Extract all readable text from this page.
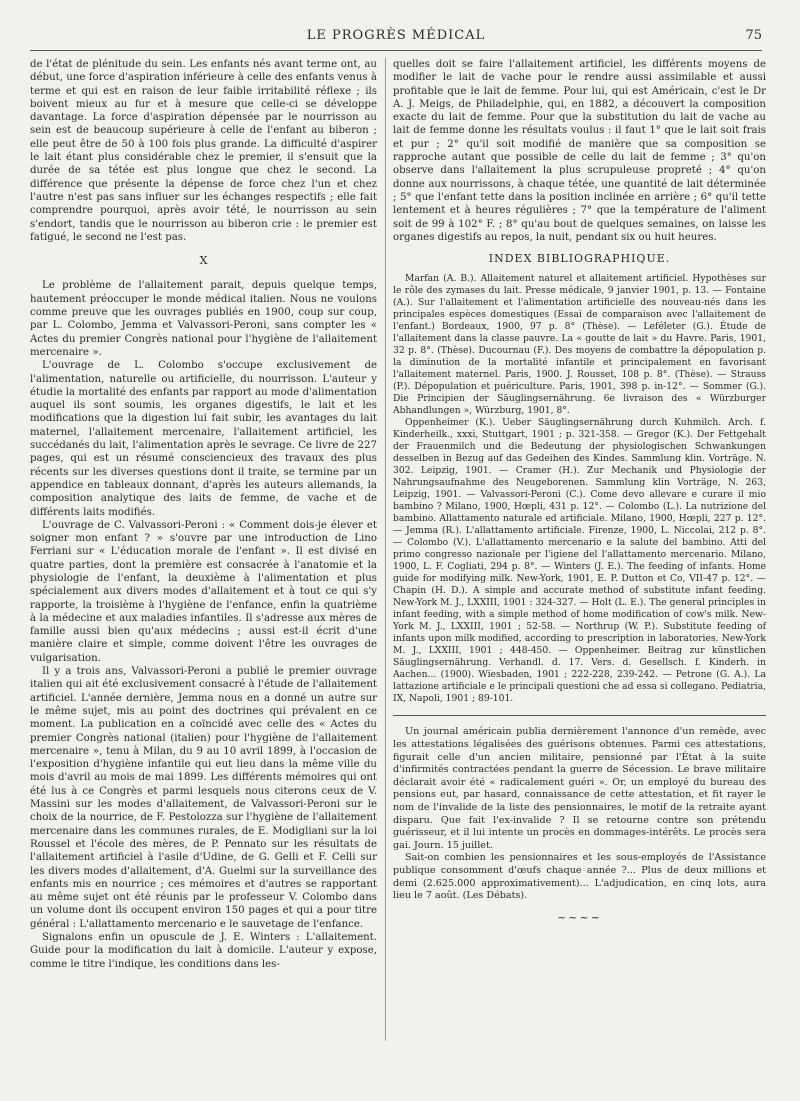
LE PROGRÈS MÉDICAL	75

de l'état de plénitude du sein. Les enfants nés avant terme ont, au début, une force d'aspiration inférieure à celle des enfants venus à terme et qui est en raison de leur faible irritabilité réflexe ; ils boivent mieux au fur et à mesure que celle-ci se développe davantage. La force d'aspiration dépensée par le nourrisson au sein est de beaucoup supérieure à celle de l'enfant au biberon ; elle peut être de 50 à 100 fois plus grande. La difficulté d'aspirer le lait étant plus considérable chez le premier, il s'ensuit que la durée de sa tétée est plus longue que chez le second. La différence que présente la dépense de force chez l'un et chez l'autre n'est pas sans influer sur les échanges respectifs ; elle fait comprendre pourquoi, après avoir tété, le nourrisson au sein s'endort, tandis que le nourrisson au biberon crie : le premier est fatigué, le second ne l'est pas.

X

Le problème de l'allaitement parait, depuis quelque temps, hautement préoccuper le monde médical italien. Nous ne voulons comme preuve que les ouvrages publiés en 1900, coup sur coup, par L. Colombo, Jemma et Valvassori-Peroni, sans compter les « Actes du premier Congrès national pour l'hygiène de l'allaitement mercenaire ».

L'ouvrage de L. Colombo s'occupe exclusivement de l'alimentation, naturelle ou artificielle, du nourrisson. L'auteur y étudie la mortalité des enfants par rapport au mode d'alimentation auquel ils sont soumis, les organes digestifs, le lait et les modifications que la digestion lui fait subir, les avantages du lait maternel, l'allaitement mercenaire, l'allaitement artificiel, les succédanés du lait, l'alimentation après le sevrage. Ce livre de 227 pages, qui est un résumé consciencieux des travaux des plus récents sur les diverses questions dont il traite, se termine par un appendice en tableaux donnant, d'après les auteurs allemands, la composition analytique des laits de femme, de vache et de différents laits modifiés.

L'ouvrage de C. Valvassori-Peroni : « Comment dois-je élever et soigner mon enfant ? » s'ouvre par une introduction de Lino Ferriani sur « L'éducation morale de l'enfant ». Il est divisé en quatre parties, dont la première est consacrée à l'anatomie et la physiologie de l'enfant, la deuxième à l'alimentation et plus spécialement aux divers modes d'allaitement et à tout ce qui s'y rapporte, la troisième à l'hygiène de l'enfance, enfin la quatrième à la médecine et aux maladies infantiles. Il s'adresse aux mères de famille aussi bien qu'aux médecins ; aussi est-il écrit d'une manière claire et simple, comme doivent l'être les ouvrages de vulgarisation.

Il y a trois ans, Valvassori-Peroni a publié le premier ouvrage italien qui ait été exclusivement consacré à l'étude de l'allaitement artificiel. L'année dernière, Jemma nous en a donné un autre sur le même sujet, mis au point des doctrines qui prévalent en ce moment. La publication en a coïncidé avec celle des « Actes du premier Congrès national (italien) pour l'hygiène de l'allaitement mercenaire », tenu à Milan, du 9 au 10 avril 1899, à l'occasion de l'exposition d'hygiène infantile qui eut lieu dans la même ville du mois d'avril au mois de mai 1899. Les différents mémoires qui ont été lus à ce Congrès et parmi lesquels nous citerons ceux de V. Massini sur les modes d'allaitement, de Valvassori-Peroni sur le choix de la nourrice, de F. Pestolozza sur l'hygiène de l'allaitement mercenaire dans les communes rurales, de E. Modigliani sur la loi Roussel et l'école des mères, de P. Pennato sur les résultats de l'allaitement artificiel à l'asile d'Udine, de G. Gelli et F. Celli sur les divers modes d'allaitement, d'A. Guelmi sur la surveillance des enfants mis en nourrice ; ces mémoires et d'autres se rapportant au même sujet ont été réunis par le professeur V. Colombo dans un volume dont ils occupent environ 150 pages et qui a pour titre général : L'allattamento mercenario e le sauvetage de l'enfance.

Signalons enfin un opuscule de J. E. Winters : L'allaitement. Guide pour la modification du lait à domicile. L'auteur y expose, comme le titre l'indique, les conditions dans les-

quelles doit se faire l'allaitement artificiel, les différents moyens de modifier le lait de vache pour le rendre aussi assimilable et aussi profitable que le lait de femme. Pour lui, qui est Américain, c'est le Dr A. J. Meigs, de Philadelphie, qui, en 1882, a découvert la composition exacte du lait de femme. Pour que la substitution du lait de vache au lait de femme donne les résultats voulus : il faut 1° que le lait soit frais et pur ; 2° qu'il soit modifié de manière que sa composition se rapproche autant que possible de celle du lait de femme ; 3° qu'on observe dans l'allaitement la plus scrupuleuse propreté ; 4° qu'on donne aux nourrissons, à chaque tétée, une quantité de lait déterminée ; 5° que l'enfant tette dans la position inclinée en arrière ; 6° qu'il tette lentement et à heures régulières ; 7° que la température de l'aliment soit de 99 à 102° F. ; 8° qu'au bout de quelques semaines, on laisse les organes digestifs au repos, la nuit, pendant six ou huit heures.

INDEX BIBLIOGRAPHIQUE.

Marfan (A. B.). Allaitement naturel et allaitement artificiel. Hypothèses sur le rôle des zymases du lait. Presse médicale, 9 janvier 1901, p. 13. — Fontaine (A.). Sur l'allaitement et l'alimentation artificielle des nouveau-nés dans les principales espèces domestiques (Essai de comparaison avec l'allaitement de l'enfant.) Bordeaux, 1900, 97 p. 8° (Thèse). — Leféleter (G.). Étude de l'allaitement dans la classe pauvre. La « goutte de lait » du Havre. Paris, 1901, 32 p. 8°. (Thèse). Ducournau (F.). Des moyens de combattre la dépopulation p. la diminution de la mortalité infantile et principalement en favorisant l'allaitement maternel. Paris, 1900. J. Rousset, 108 p. 8°. (Thèse). — Strauss (P.). Dépopulation et puériculture. Paris, 1901, 398 p. in-12°. — Sommer (G.). Die Principien der Säuglingsernährung. 6e livraison des « Würzburger Abhandlungen », Würzburg, 1901, 8°.

Oppenheimer (K.). Ueber Säuglingsernährung durch Kuhmilch. Arch. f. Kinderheilk., xxxi, Stuttgart, 1901 ; p. 321-358. — Gregor (K.). Der Fettgehalt der Frauenmilch und die Bedeutung der physiologischen Schwankungen desselben in Bezug auf das Gedeihen des Kindes. Sammlung klin. Vorträge. N. 302. Leipzig, 1901. — Cramer (H.). Zur Mechanik und Physiologie der Nahrungsaufnahme des Neugeborenen. Sammlung klin Vorträge, N. 263, Leipzig, 1901. — Valvassori-Peroni (C.). Come devo allevare e curare il mio bambino ? Milano, 1900, Hœpli, 431 p. 12°. — Colombo (L.). La nutrizione del bambino. Allattamento naturale ed artificiale. Milano, 1900, Hœpli, 227 p. 12°. — Jemma (R.). L'allattamento artificiale. Firenze, 1900, L. Niccolai, 212 p. 8°. — Colombo (V.). L'allattamento mercenario e la salute del bambino. Atti del primo congresso nazionale per l'igiene del l'allattamento mercenario. Milano, 1900, L. F. Cogliati, 294 p. 8°. — Winters (J. E.). The feeding of infants. Home guide for modifying milk. New-York, 1901, E. P. Dutton et Co, VII-47 p. 12°. — Chapin (H. D.). A simple and accurate method of substitute infant feeding. New-York M. J., LXXIII, 1901 : 324-327. — Holt (L. E.). The general principles in infant feeding, with a simple method of home modification of cow's milk. New-York M. J., LXXIII, 1901 ; 52-58. — Northrup (W. P.). Substitute feeding of infants upon milk modified, according to prescription in laboratories. New-York M. J., LXXIII, 1901 ; 448-450. — Oppenheimer. Beitrag zur künstlichen Säuglingsernährung. Verhandl. d. 17. Vers. d. Gesellsch. f. Kinderh. in Aachen... (1900). Wiesbaden, 1901 ; 222-228, 239-242. — Petrone (G. A.). La lattazione artificiale e le principali questioni che ad essa si collegano. Pediatria, IX, Napoli, 1901 ; 89-101.

Un journal américain publia dernièrement l'annonce d'un remède, avec les attestations légalisées des guérisons obtenues. Parmi ces attestations, figurait celle d'un ancien militaire, pensionné par l'État à la suite d'infirmités contractées pendant la guerre de Sécession. Le brave militaire déclarait avoir été « radicalement guéri ». Or, un employé du bureau des pensions eut, par hasard, connaissance de cette attestation, et fit rayer le nom de l'invalide de la liste des pensionnaires, le motif de la retraite ayant disparu. Que fait l'ex-invalide ? Il se retourne contre son prétendu guérisseur, et il lui intente un procès en dommages-intérêts. Le procès sera gai. Journ. 15 juillet.

Sait-on combien les pensionnaires et les sous-employés de l'Assistance publique consomment d'œufs chaque année ?... Plus de deux millions et demi (2.625.000 approximativement)... L'adjudication, en cinq lots, aura lieu le 7 août. (Les Débats).

~~~~
